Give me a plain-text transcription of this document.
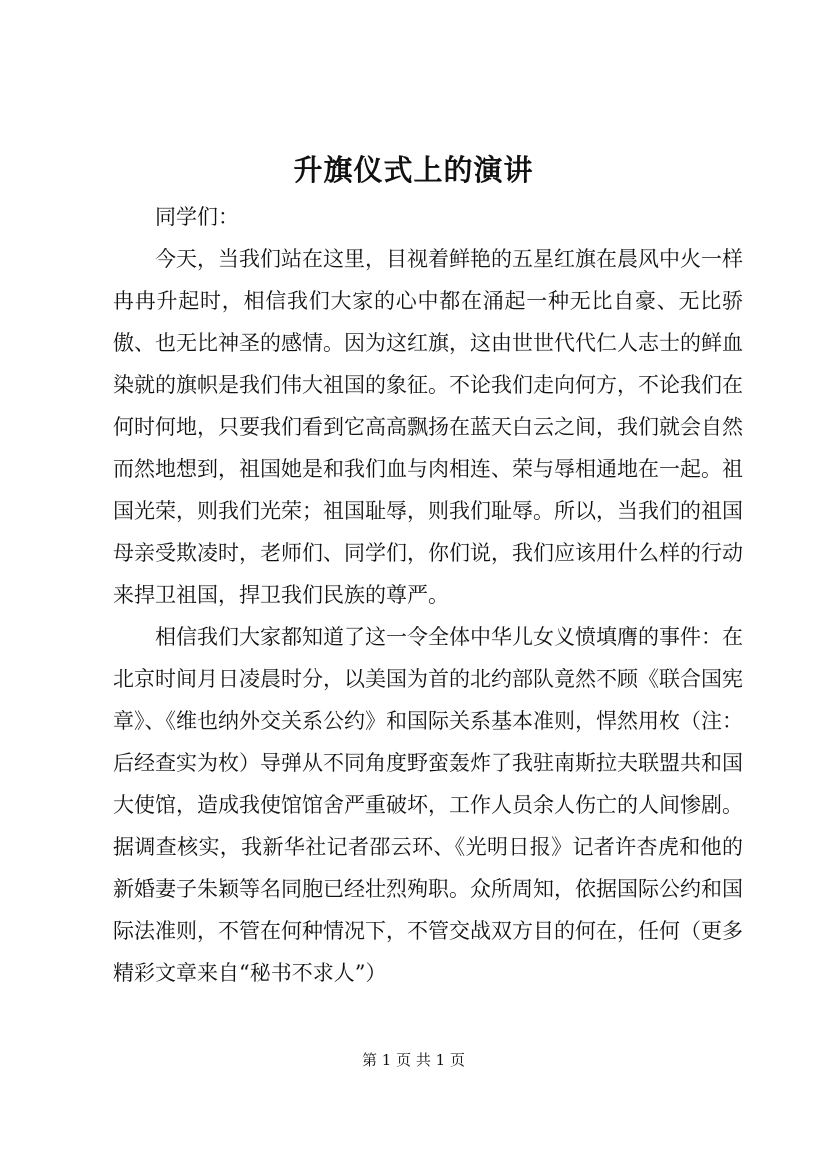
升旗仪式上的演讲

同学们：

今天，当我们站在这里，目视着鲜艳的五星红旗在晨风中火一样冉冉升起时，相信我们大家的心中都在涌起一种无比自豪、无比骄傲、也无比神圣的感情。因为这红旗，这由世世代代仁人志士的鲜血染就的旗帜是我们伟大祖国的象征。不论我们走向何方，不论我们在何时何地，只要我们看到它高高飘扬在蓝天白云之间，我们就会自然而然地想到，祖国她是和我们血与肉相连、荣与辱相通地在一起。祖国光荣，则我们光荣；祖国耻辱，则我们耻辱。所以，当我们的祖国母亲受欺凌时，老师们、同学们，你们说，我们应该用什么样的行动来捍卫祖国，捍卫我们民族的尊严。

相信我们大家都知道了这一令全体中华儿女义愤填膺的事件：在北京时间月日凌晨时分，以美国为首的北约部队竟然不顾《联合国宪章》、《维也纳外交关系公约》和国际关系基本准则，悍然用枚（注：后经查实为枚）导弹从不同角度野蛮轰炸了我驻南斯拉夫联盟共和国大使馆，造成我使馆馆舍严重破坏，工作人员余人伤亡的人间惨剧。据调查核实，我新华社记者邵云环、《光明日报》记者许杏虎和他的新婚妻子朱颖等名同胞已经壮烈殉职。众所周知，依据国际公约和国际法准则，不管在何种情况下，不管交战双方目的何在，任何（更多精彩文章来自“秘书不求人”）

第 1 页 共 1 页
